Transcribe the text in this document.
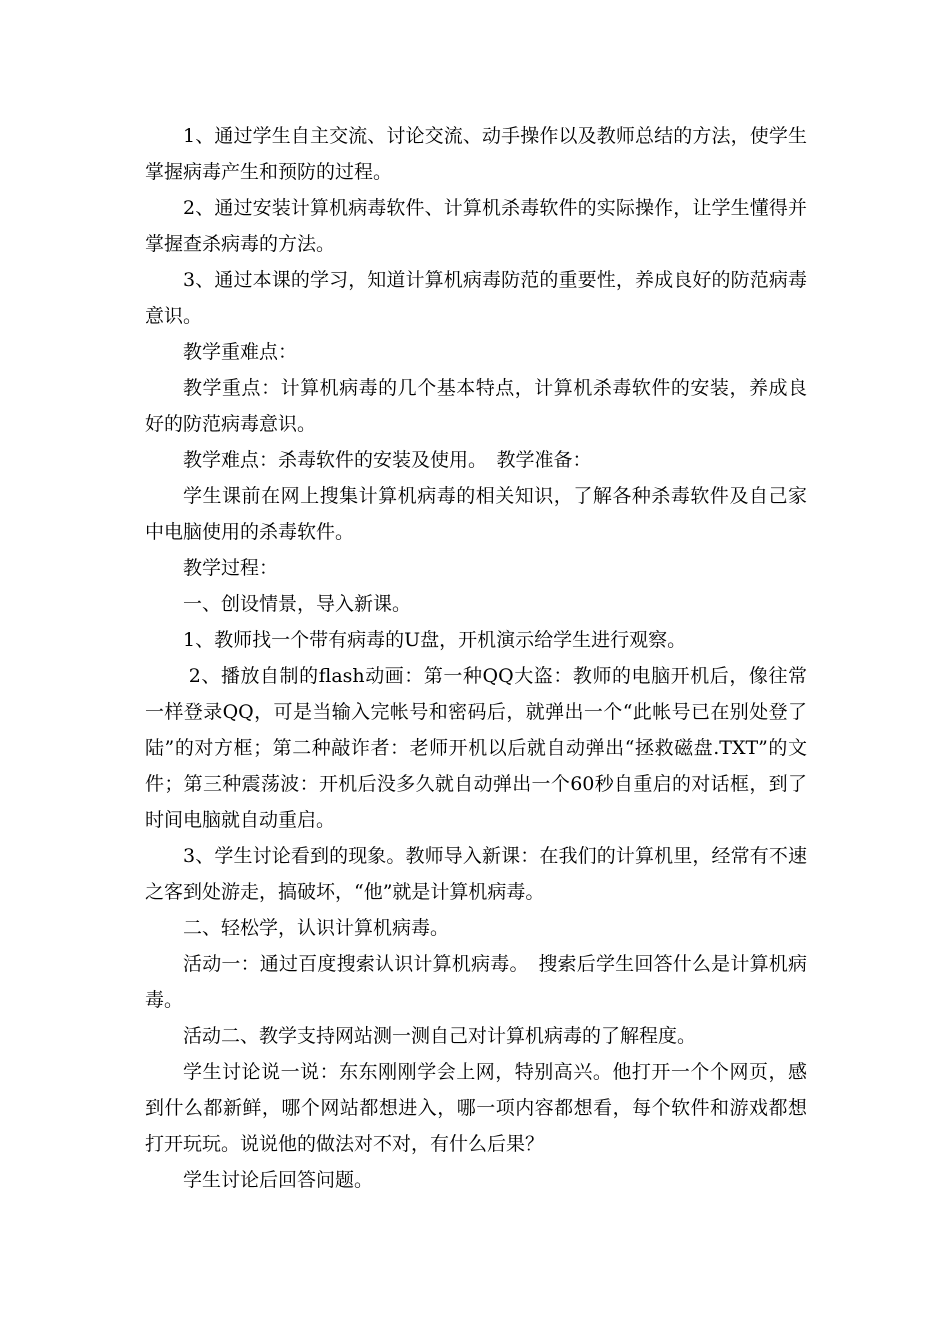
1、通过学生自主交流、讨论交流、动手操作以及教师总结的方法，使学生掌握病毒产生和预防的过程。

2、通过安装计算机病毒软件、计算机杀毒软件的实际操作，让学生懂得并掌握查杀病毒的方法。

3、通过本课的学习，知道计算机病毒防范的重要性，养成良好的防范病毒意识。

教学重难点：

教学重点：计算机病毒的几个基本特点，计算机杀毒软件的安装，养成良好的防范病毒意识。

教学难点：杀毒软件的安装及使用。　教学准备：

学生课前在网上搜集计算机病毒的相关知识，了解各种杀毒软件及自己家中电脑使用的杀毒软件。

教学过程：

一、创设情景，导入新课。

1、教师找一个带有病毒的U盘，开机演示给学生进行观察。

2、播放自制的flash动画：第一种QQ大盗：教师的电脑开机后，像往常一样登录QQ，可是当输入完帐号和密码后，就弹出一个“此帐号已在别处登了陆”的对方框；第二种敲诈者：老师开机以后就自动弹出“拯救磁盘.TXT”的文件；第三种震荡波：开机后没多久就自动弹出一个60秒自重启的对话框，到了时间电脑就自动重启。

3、学生讨论看到的现象。教师导入新课：在我们的计算机里，经常有不速之客到处游走，搞破坏，“他”就是计算机病毒。

二、轻松学，认识计算机病毒。

活动一：通过百度搜索认识计算机病毒。　搜索后学生回答什么是计算机病毒。

活动二、教学支持网站测一测自己对计算机病毒的了解程度。

学生讨论说一说：东东刚刚学会上网，特别高兴。他打开一个个网页，感到什么都新鲜，哪个网站都想进入，哪一项内容都想看，每个软件和游戏都想打开玩玩。说说他的做法对不对，有什么后果？

学生讨论后回答问题。
